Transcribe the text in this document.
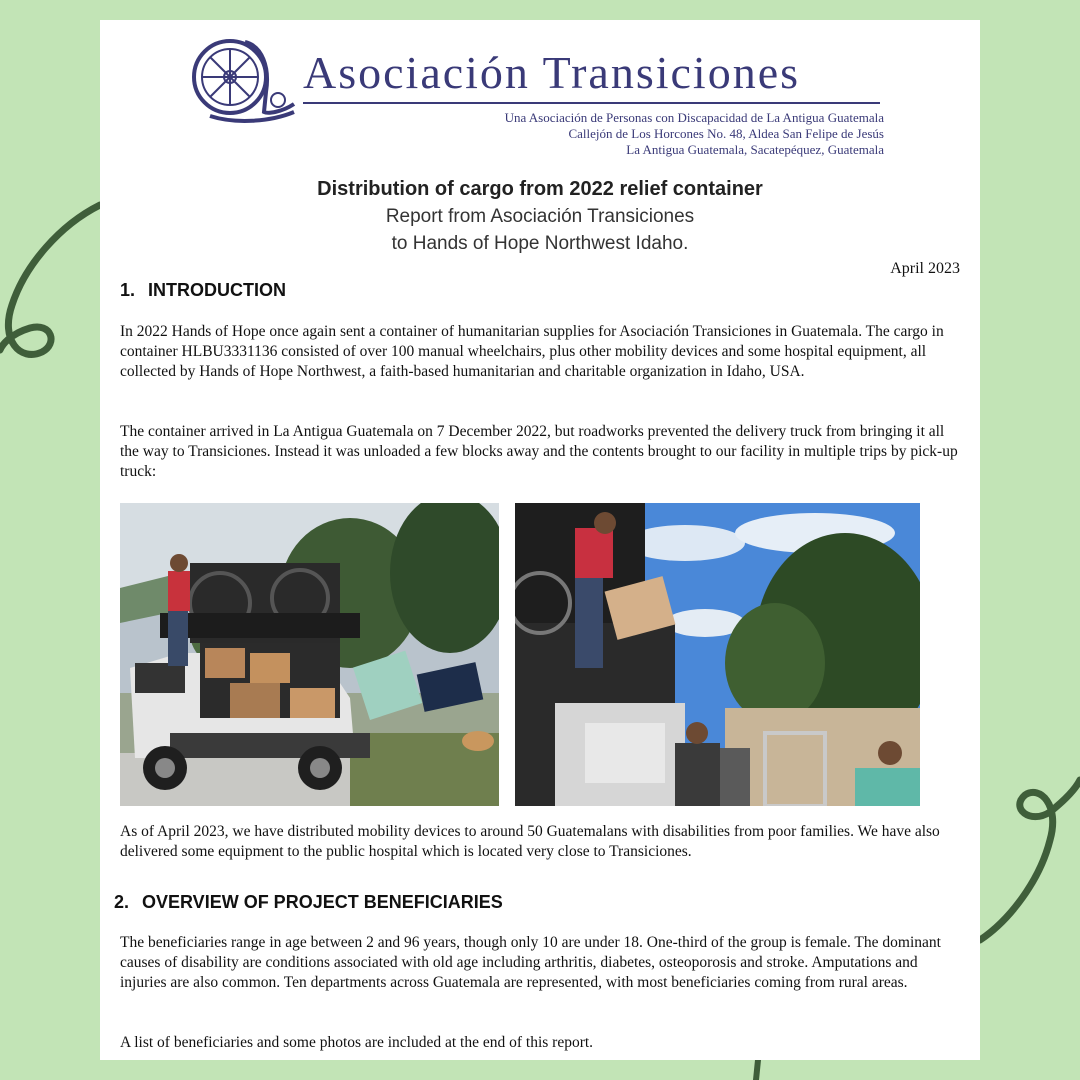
Asociación Transiciones
Una Asociación de Personas con Discapacidad de La Antigua Guatemala
Callejón de Los Horcones No. 48, Aldea San Felipe de Jesús
La Antigua Guatemala, Sacatepéquez, Guatemala
Distribution of cargo from 2022 relief container
Report from Asociación Transiciones
to Hands of Hope Northwest Idaho.
April 2023
1. INTRODUCTION
In 2022 Hands of Hope once again sent a container of humanitarian supplies for Asociación Transiciones in Guatemala. The cargo in container HLBU3331136 consisted of over 100 manual wheelchairs, plus other mobility devices and some hospital equipment, all collected by Hands of Hope Northwest, a faith-based humanitarian and charitable organization in Idaho, USA.
The container arrived in La Antigua Guatemala on 7 December 2022, but roadworks prevented the delivery truck from bringing it all the way to Transiciones. Instead it was unloaded a few blocks away and the contents brought to our facility in multiple trips by pick-up truck:
As of April 2023, we have distributed mobility devices to around 50 Guatemalans with disabilities from poor families. We have also delivered some equipment to the public hospital which is located very close to Transiciones.
2. OVERVIEW OF PROJECT BENEFICIARIES
The beneficiaries range in age between 2 and 96 years, though only 10 are under 18. One-third of the group is female. The dominant causes of disability are conditions associated with old age including arthritis, diabetes, osteoporosis and stroke. Amputations and injuries are also common. Ten departments across Guatemala are represented, with most beneficiaries coming from rural areas.
A list of beneficiaries and some photos are included at the end of this report.
